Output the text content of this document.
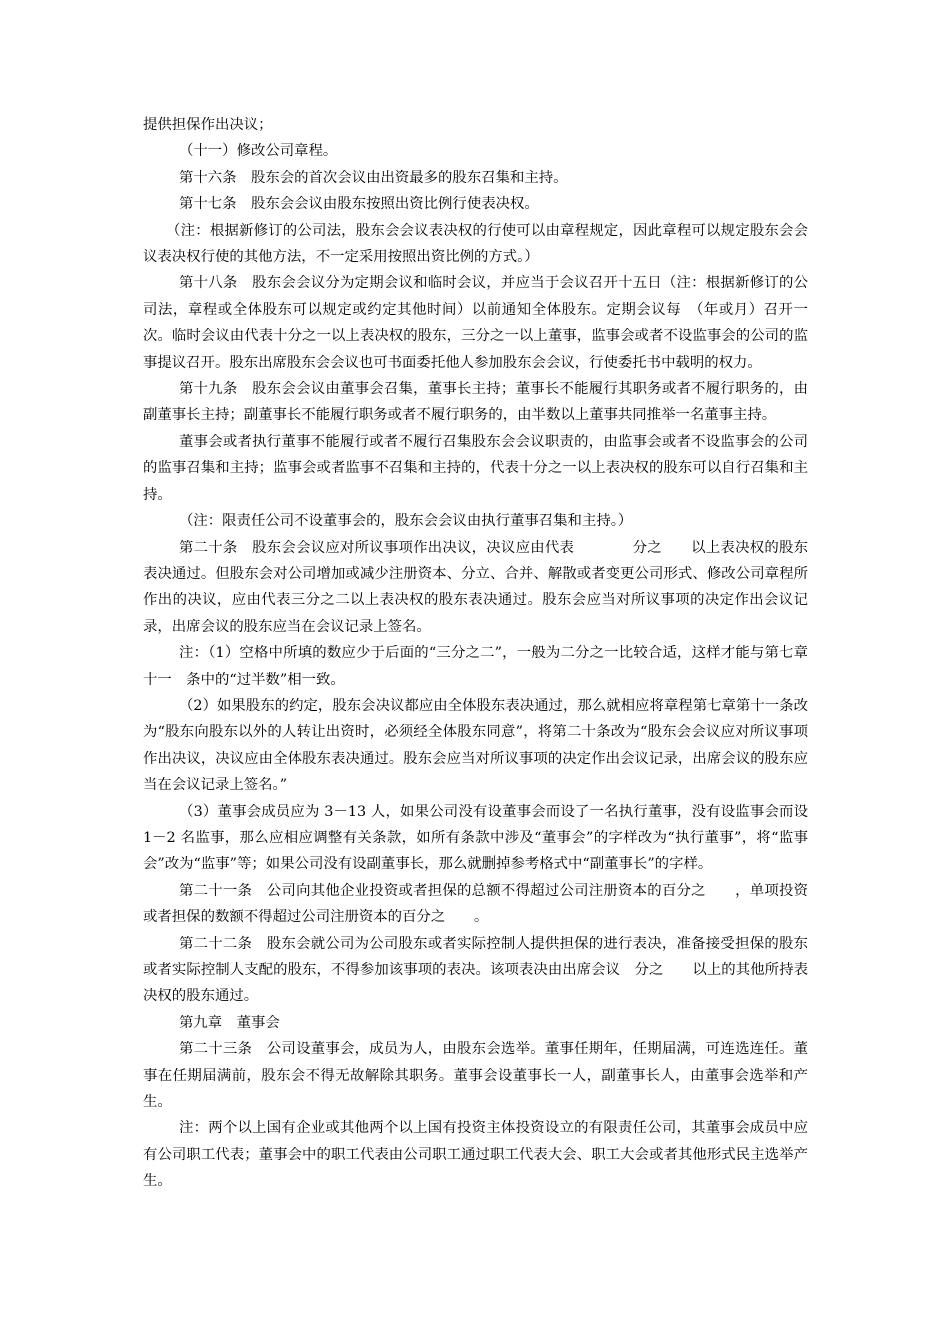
提供担保作出决议；

（十一）修改公司章程。

第十六条　股东会的首次会议由出资最多的股东召集和主持。

第十七条　股东会会议由股东按照出资比例行使表决权。

（注：根据新修订的公司法，股东会会议表决权的行使可以由章程规定，因此章程可以规定股东会会议表决权行使的其他方法，不一定采用按照出资比例的方式。）

第十八条　股东会会议分为定期会议和临时会议，并应当于会议召开十五日（注：根据新修订的公司法，章程或全体股东可以规定或约定其他时间）以前通知全体股东。定期会议每　（年或月）召开一次。临时会议由代表十分之一以上表决权的股东，三分之一以上董事，监事会或者不设监事会的公司的监事提议召开。股东出席股东会会议也可书面委托他人参加股东会会议，行使委托书中载明的权力。

第十九条　股东会会议由董事会召集，董事长主持；董事长不能履行其职务或者不履行职务的，由副董事长主持；副董事长不能履行职务或者不履行职务的，由半数以上董事共同推举一名董事主持。

董事会或者执行董事不能履行或者不履行召集股东会会议职责的，由监事会或者不设监事会的公司的监事召集和主持；监事会或者监事不召集和主持的，代表十分之一以上表决权的股东可以自行召集和主持。

（注：限责任公司不设董事会的，股东会会议由执行董事召集和主持。）

第二十条　股东会会议应对所议事项作出决议，决议应由代表　　　　分之　　以上表决权的股东表决通过。但股东会对公司增加或减少注册资本、分立、合并、解散或者变更公司形式、修改公司章程所作出的决议，应由代表三分之二以上表决权的股东表决通过。股东会应当对所议事项的决定作出会议记录，出席会议的股东应当在会议记录上签名。

注：（1）空格中所填的数应少于后面的“三分之二”，一般为二分之一比较合适，这样才能与第七章十一　条中的“过半数”相一致。

（2）如果股东的约定，股东会决议都应由全体股东表决通过，那么就相应将章程第七章第十一条改为“股东向股东以外的人转让出资时，必须经全体股东同意”，将第二十条改为“股东会会议应对所议事项作出决议，决议应由全体股东表决通过。股东会应当对所议事项的决定作出会议记录，出席会议的股东应当在会议记录上签名。”

（3）董事会成员应为 3－13 人，如果公司没有设董事会而设了一名执行董事，没有设监事会而设 1－2 名监事，那么应相应调整有关条款，如所有条款中涉及“董事会”的字样改为“执行董事”，将“监事会”改为“监事”等；如果公司没有设副董事长，那么就删掉参考格式中“副董事长”的字样。

第二十一条　公司向其他企业投资或者担保的总额不得超过公司注册资本的百分之　　，单项投资或者担保的数额不得超过公司注册资本的百分之　　。

第二十二条　股东会就公司为公司股东或者实际控制人提供担保的进行表决，准备接受担保的股东或者实际控制人支配的股东，不得参加该事项的表决。该项表决由出席会议　分之　　以上的其他所持表决权的股东通过。

第九章　董事会

第二十三条　公司设董事会，成员为人，由股东会选举。董事任期年，任期届满，可连选连任。董事在任期届满前，股东会不得无故解除其职务。董事会设董事长一人，副董事长人，由董事会选举和产生。

注：两个以上国有企业或其他两个以上国有投资主体投资设立的有限责任公司，其董事会成员中应有公司职工代表；董事会中的职工代表由公司职工通过职工代表大会、职工大会或者其他形式民主选举产生。
